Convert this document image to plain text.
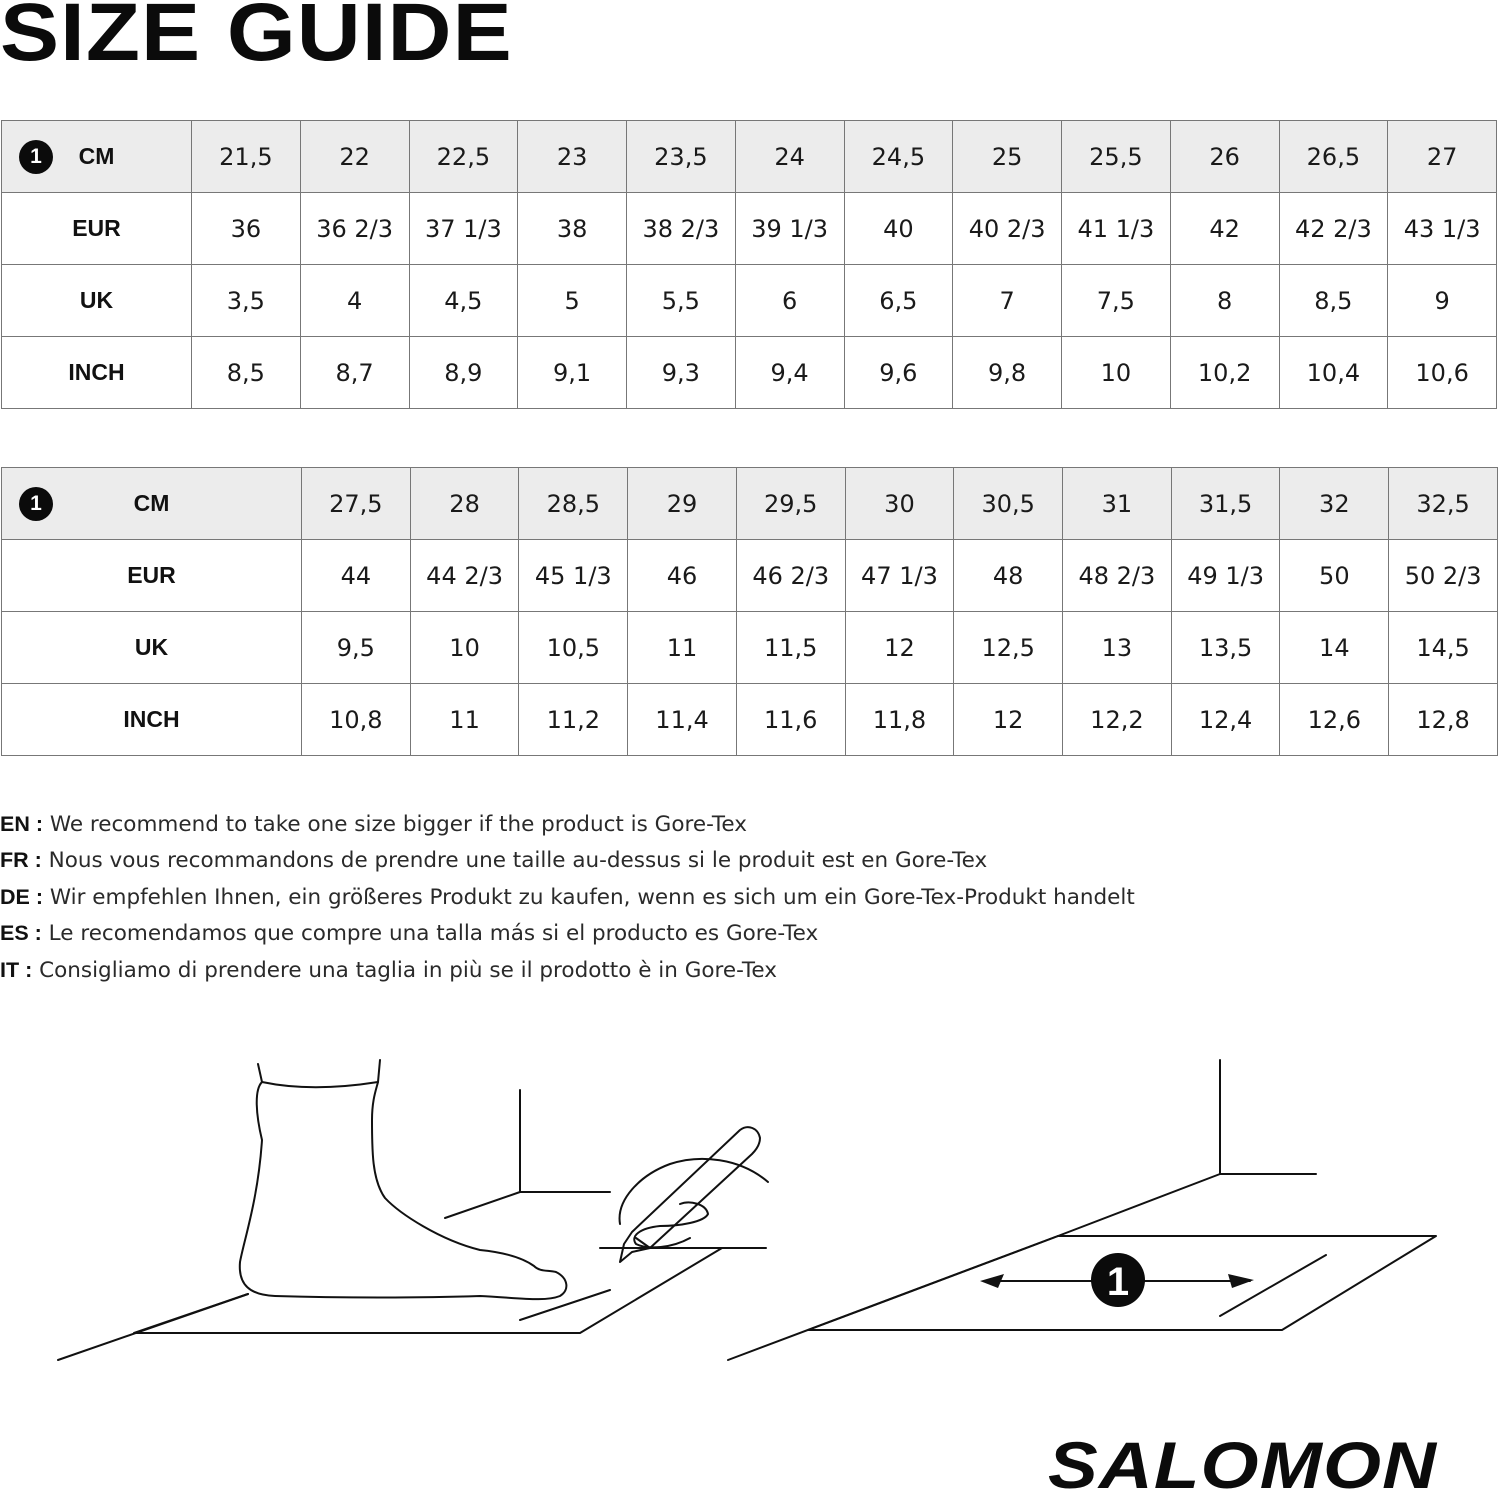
SIZE GUIDE
1 CM	21,5	22	22,5	23	23,5	24	24,5	25	25,5	26	26,5	27
EUR	36	36 2/3	37 1/3	38	38 2/3	39 1/3	40	40 2/3	41 1/3	42	42 2/3	43 1/3
UK	3,5	4	4,5	5	5,5	6	6,5	7	7,5	8	8,5	9
INCH	8,5	8,7	8,9	9,1	9,3	9,4	9,6	9,8	10	10,2	10,4	10,6
1 CM	27,5	28	28,5	29	29,5	30	30,5	31	31,5	32	32,5
EUR	44	44 2/3	45 1/3	46	46 2/3	47 1/3	48	48 2/3	49 1/3	50	50 2/3
UK	9,5	10	10,5	11	11,5	12	12,5	13	13,5	14	14,5
INCH	10,8	11	11,2	11,4	11,6	11,8	12	12,2	12,4	12,6	12,8
EN : We recommend to take one size bigger if the product is Gore-Tex
FR : Nous vous recommandons de prendre une taille au-dessus si le produit est en Gore-Tex
DE : Wir empfehlen Ihnen, ein größeres Produkt zu kaufen, wenn es sich um ein Gore-Tex-Produkt handelt
ES : Le recomendamos que compre una talla más si el producto es Gore-Tex
IT : Consigliamo di prendere una taglia in più se il prodotto è in Gore-Tex
1
SALOMON
